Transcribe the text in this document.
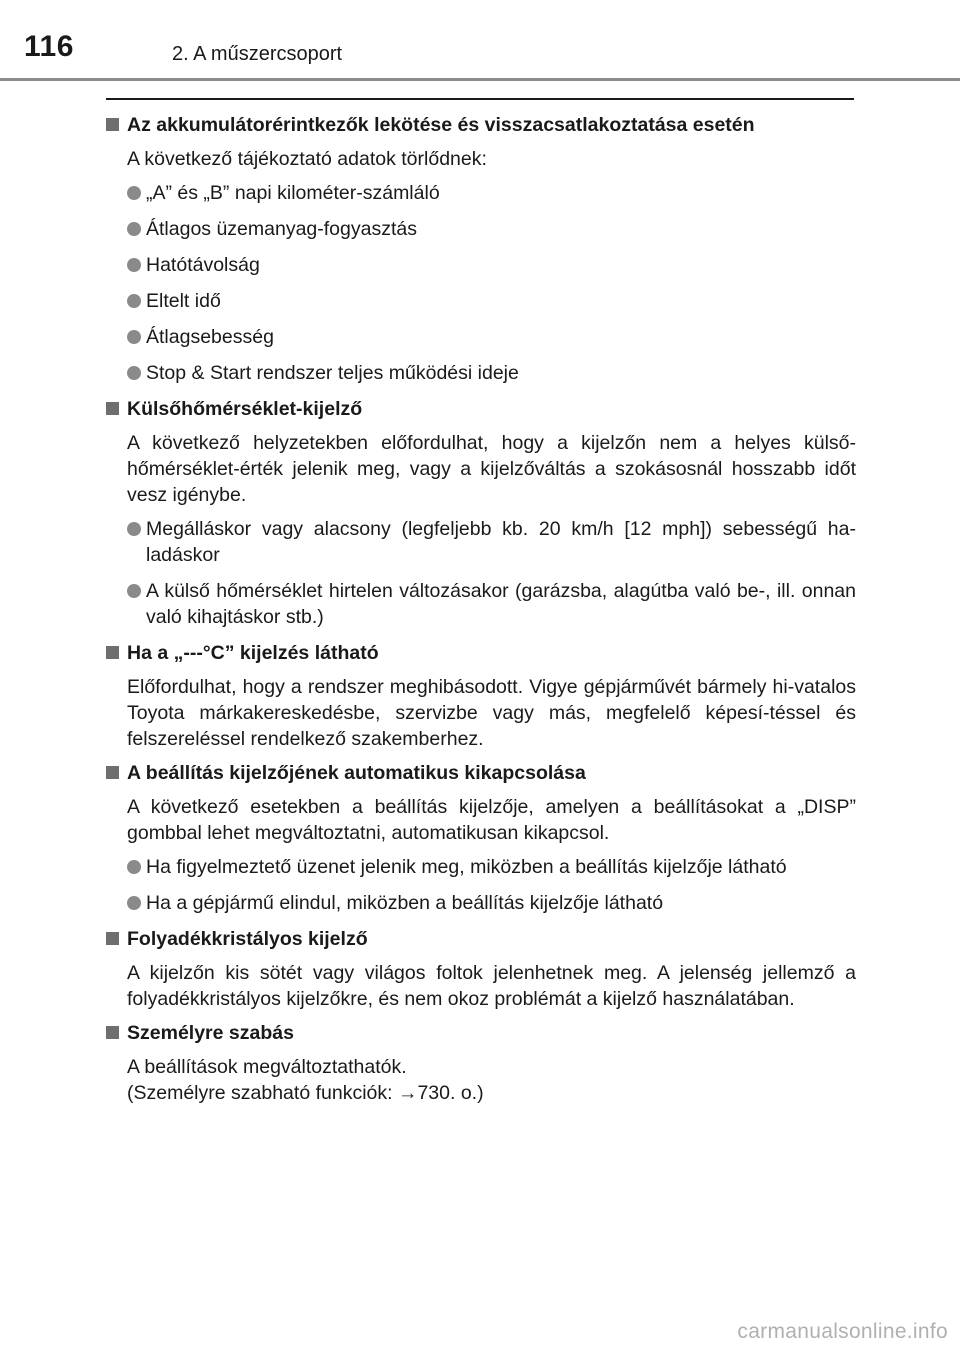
116	2. A műszercsoport
Az akkumulátorérintkezők lekötése és visszacsatlakoztatása esetén
A következő tájékoztató adatok törlődnek:
„A” és „B” napi kilométer-számláló
Átlagos üzemanyag-fogyasztás
Hatótávolság
Eltelt idő
Átlagsebesség
Stop & Start rendszer teljes működési ideje
Külsőhőmérséklet-kijelző
A következő helyzetekben előfordulhat, hogy a kijelzőn nem a helyes külső-hőmérséklet-érték jelenik meg, vagy a kijelzőváltás a szokásosnál hosszabb időt vesz igénybe.
Megálláskor vagy alacsony (legfeljebb kb. 20 km/h [12 mph]) sebességű ha-ladáskor
A külső hőmérséklet hirtelen változásakor (garázsba, alagútba való be-, ill. onnan való kihajtáskor stb.)
Ha a „---°C” kijelzés látható
Előfordulhat, hogy a rendszer meghibásodott. Vigye gépjárművét bármely hi-vatalos Toyota márkakereskedésbe, szervizbe vagy más, megfelelő képesí-téssel és felszereléssel rendelkező szakemberhez.
A beállítás kijelzőjének automatikus kikapcsolása
A következő esetekben a beállítás kijelzője, amelyen a beállításokat a „DISP” gombbal lehet megváltoztatni, automatikusan kikapcsol.
Ha figyelmeztető üzenet jelenik meg, miközben a beállítás kijelzője látható
Ha a gépjármű elindul, miközben a beállítás kijelzője látható
Folyadékkristályos kijelző
A kijelzőn kis sötét vagy világos foltok jelenhetnek meg. A jelenség jellemző a folyadékkristályos kijelzőkre, és nem okoz problémát a kijelző használatában.
Személyre szabás
A beállítások megváltoztathatók.
(Személyre szabható funkciók: →730. o.)
carmanualsonline.info
